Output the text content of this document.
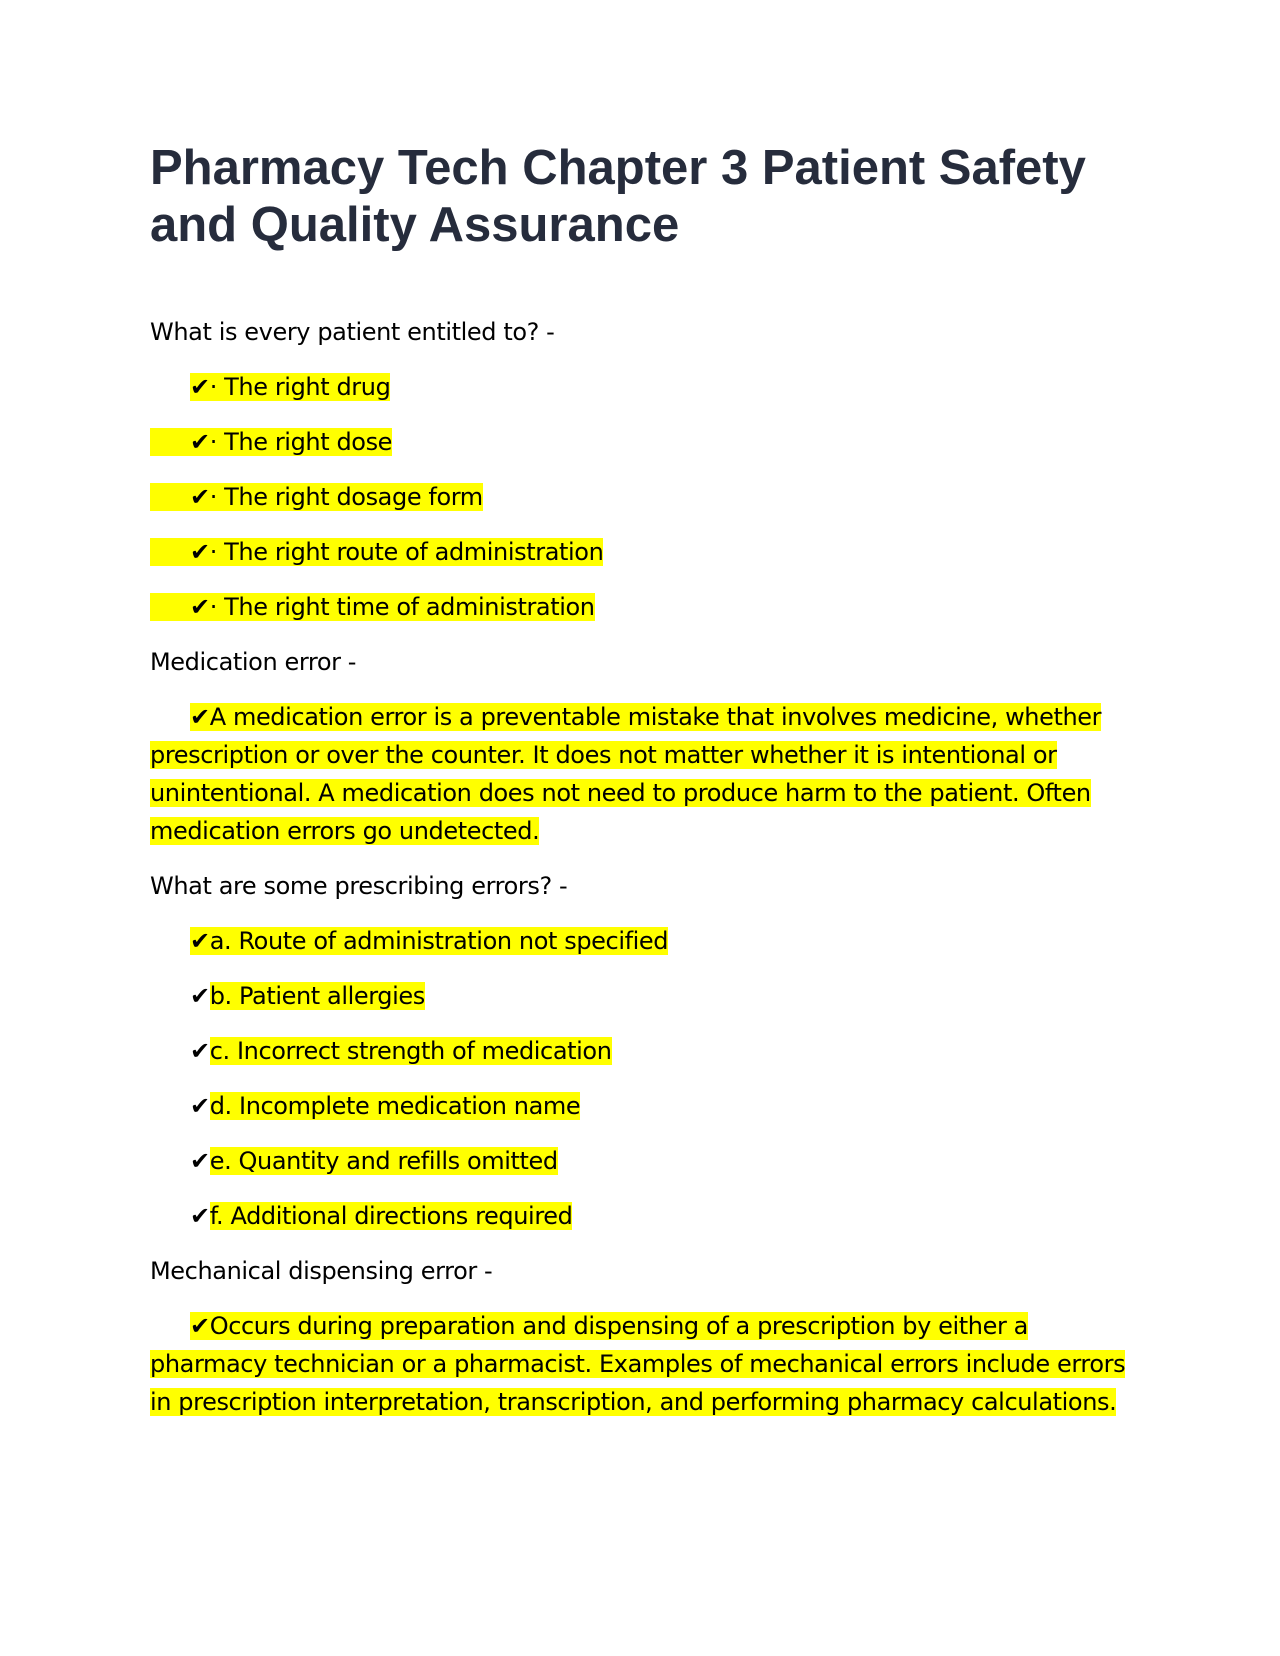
Pharmacy Tech Chapter 3 Patient Safety and Quality Assurance

What is every patient entitled to? -

✔· The right drug

✔· The right dose

✔· The right dosage form

✔· The right route of administration

✔· The right time of administration

Medication error -

✔A medication error is a preventable mistake that involves medicine, whether prescription or over the counter. It does not matter whether it is intentional or unintentional. A medication does not need to produce harm to the patient. Often medication errors go undetected.

What are some prescribing errors? -

✔a. Route of administration not specified

✔b. Patient allergies

✔c. Incorrect strength of medication

✔d. Incomplete medication name

✔e. Quantity and refills omitted

✔f. Additional directions required

Mechanical dispensing error -

✔Occurs during preparation and dispensing of a prescription by either a pharmacy technician or a pharmacist. Examples of mechanical errors include errors in prescription interpretation, transcription, and performing pharmacy calculations.
